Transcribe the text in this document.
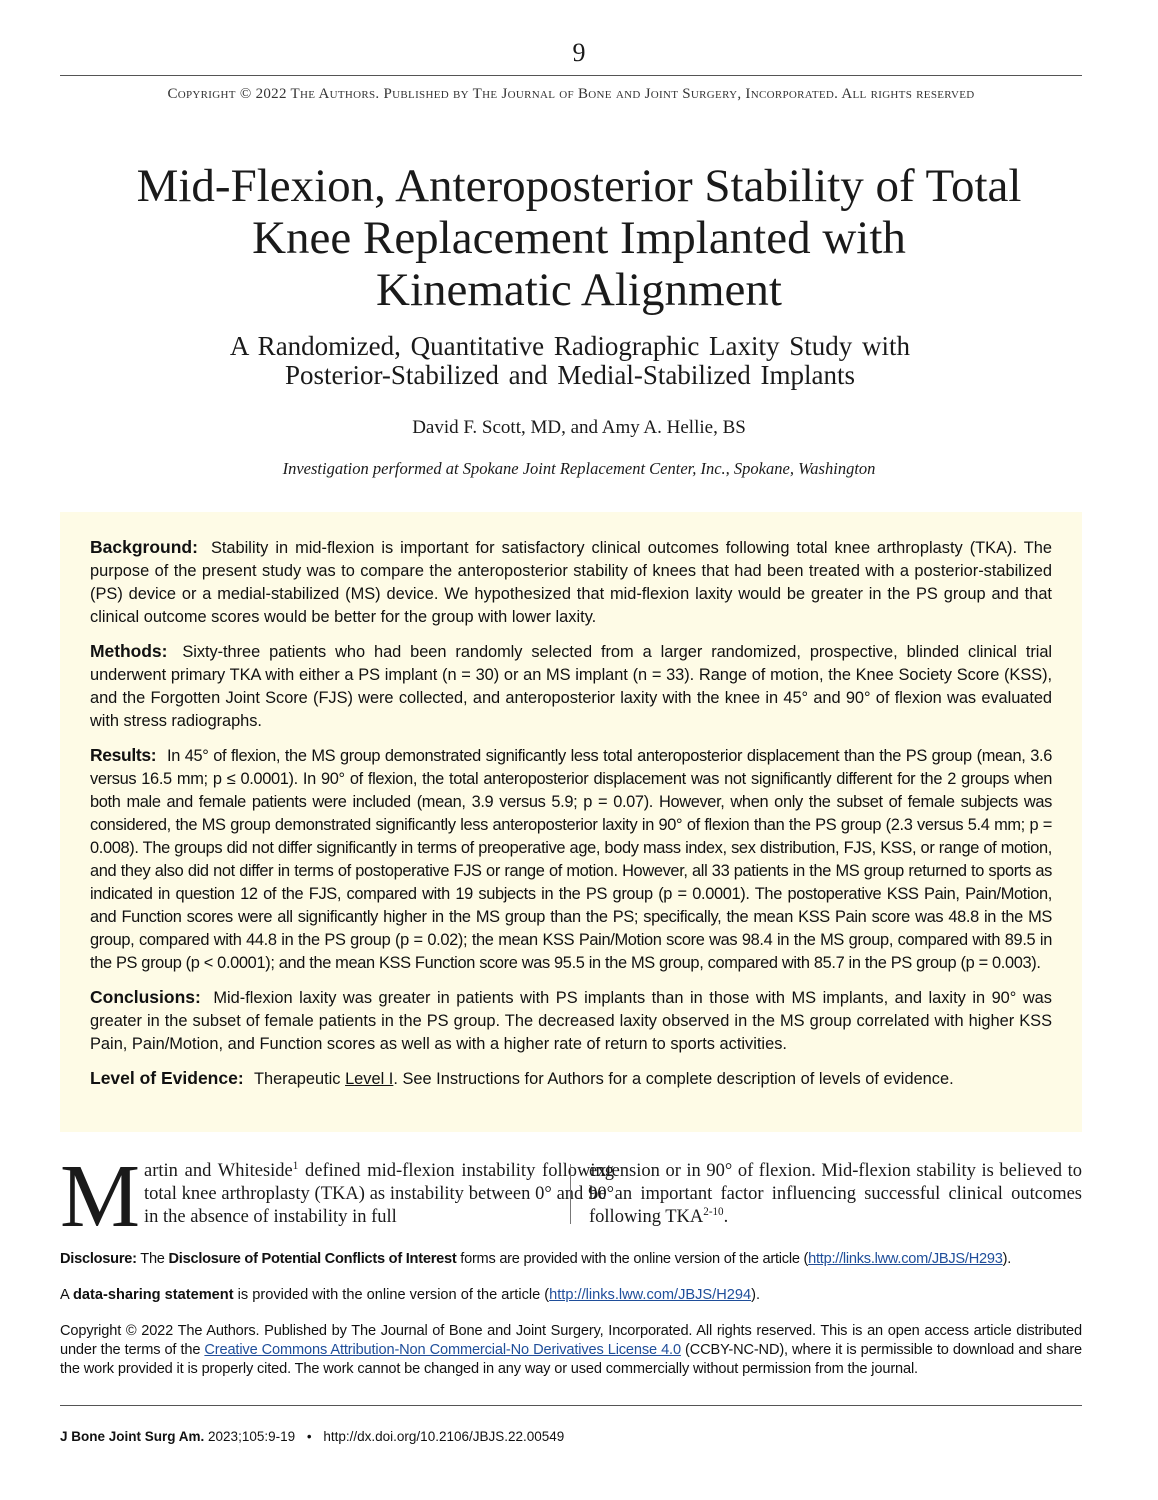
9
Copyright © 2022 The Authors. Published by The Journal of Bone and Joint Surgery, Incorporated. All rights reserved
Mid-Flexion, Anteroposterior Stability of Total
Knee Replacement Implanted with
Kinematic Alignment
A Randomized, Quantitative Radiographic Laxity Study with
Posterior-Stabilized and Medial-Stabilized Implants
David F. Scott, MD, and Amy A. Hellie, BS
Investigation performed at Spokane Joint Replacement Center, Inc., Spokane, Washington

Background: Stability in mid-flexion is important for satisfactory clinical outcomes following total knee arthroplasty (TKA). The purpose of the present study was to compare the anteroposterior stability of knees that had been treated with a posterior-stabilized (PS) device or a medial-stabilized (MS) device. We hypothesized that mid-flexion laxity would be greater in the PS group and that clinical outcome scores would be better for the group with lower laxity.

Methods: Sixty-three patients who had been randomly selected from a larger randomized, prospective, blinded clinical trial underwent primary TKA with either a PS implant (n = 30) or an MS implant (n = 33). Range of motion, the Knee Society Score (KSS), and the Forgotten Joint Score (FJS) were collected, and anteroposterior laxity with the knee in 45° and 90° of flexion was evaluated with stress radiographs.

Results: In 45° of flexion, the MS group demonstrated significantly less total anteroposterior displacement than the PS group (mean, 3.6 versus 16.5 mm; p ≤ 0.0001). In 90° of flexion, the total anteroposterior displacement was not significantly different for the 2 groups when both male and female patients were included (mean, 3.9 versus 5.9; p = 0.07). However, when only the subset of female subjects was considered, the MS group demonstrated significantly less anteroposterior laxity in 90° of flexion than the PS group (2.3 versus 5.4 mm; p = 0.008). The groups did not differ significantly in terms of preoperative age, body mass index, sex distribution, FJS, KSS, or range of motion, and they also did not differ in terms of postoperative FJS or range of motion. However, all 33 patients in the MS group returned to sports as indicated in question 12 of the FJS, compared with 19 subjects in the PS group (p = 0.0001). The postoperative KSS Pain, Pain/Motion, and Function scores were all significantly higher in the MS group than the PS; specifically, the mean KSS Pain score was 48.8 in the MS group, compared with 44.8 in the PS group (p = 0.02); the mean KSS Pain/Motion score was 98.4 in the MS group, compared with 89.5 in the PS group (p < 0.0001); and the mean KSS Function score was 95.5 in the MS group, compared with 85.7 in the PS group (p = 0.003).

Conclusions: Mid-flexion laxity was greater in patients with PS implants than in those with MS implants, and laxity in 90° was greater in the subset of female patients in the PS group. The decreased laxity observed in the MS group correlated with higher KSS Pain, Pain/Motion, and Function scores as well as with a higher rate of return to sports activities.

Level of Evidence: Therapeutic Level I. See Instructions for Authors for a complete description of levels of evidence.

M artin and Whiteside$^1$ defined mid-flexion instability following total knee arthroplasty (TKA) as instability between 0° and 90° in the absence of instability in full
extension or in 90° of flexion. Mid-flexion stability is believed to be an important factor influencing successful clinical outcomes following TKA$^{2-10}$.
Disclosure: The Disclosure of Potential Conflicts of Interest forms are provided with the online version of the article (http://links.lww.com/JBJS/H293).
A data-sharing statement is provided with the online version of the article (http://links.lww.com/JBJS/H294).
Copyright © 2022 The Authors. Published by The Journal of Bone and Joint Surgery, Incorporated. All rights reserved. This is an open access article distributed under the terms of the Creative Commons Attribution-Non Commercial-No Derivatives License 4.0 (CCBY-NC-ND), where it is permissible to download and share the work provided it is properly cited. The work cannot be changed in any way or used commercially without permission from the journal.
J Bone Joint Surg Am. 2023;105:9-19 • http://dx.doi.org/10.2106/JBJS.22.00549
